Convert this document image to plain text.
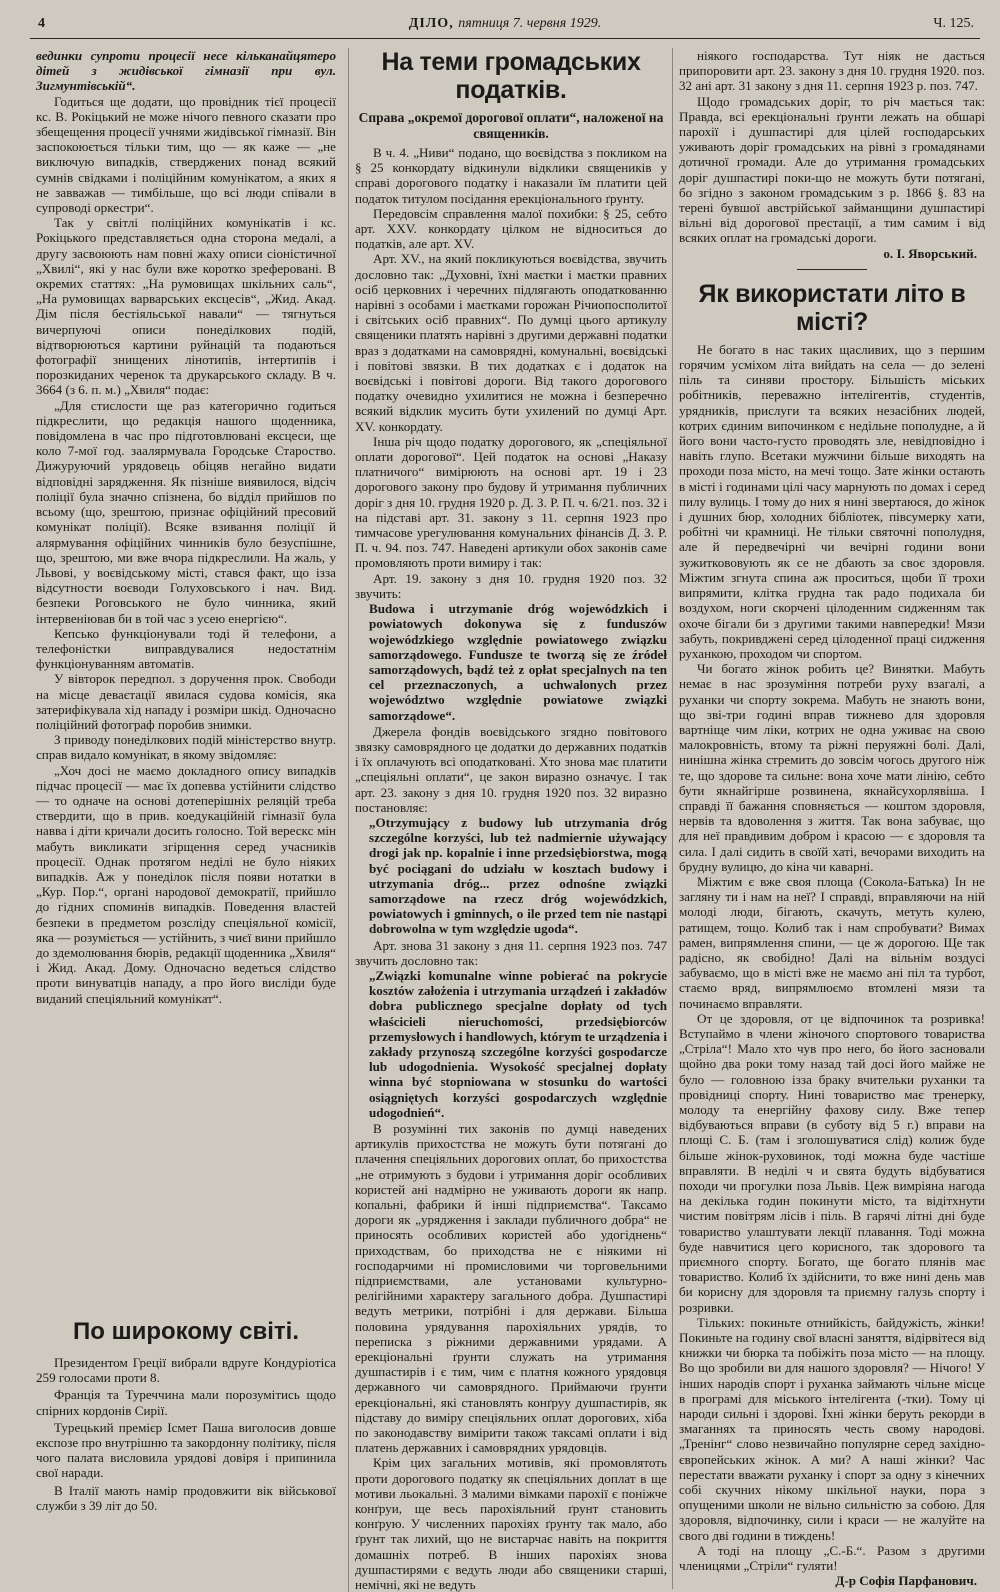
4	ДІЛО, пятниця 7. червня 1929.	Ч. 125.

вединки супроти процесії несе кільканайцятеро дітей з жидівської гімназії при вул. Зигмунтівській“.

Годиться ще додати, що провідник тієї процесії кс. В. Рокіцький не може нічого певного сказати про збещещення процесії учнями жидівської гімназії. Він заспокоюється тільки тим, що — як каже — „не виключую випадків, стверджених понад всякий сумнів свідками і поліційним комунікатом, а яких я не завважав — тимбільше, що всі люди співали в супроводі оркестри“.

Так у світлі поліційних комунікатів і кс. Рокіцького представляється одна сторона медалі, а другу засвоюють нам повні жаху описи сіоністичної „Хвилі“, які у нас були вже коротко зреферовані. В окремих статтях: „На румовищах шкільних саль“, „На румовищах варварських ексцесів“, „Жид. Акад. Дім після бестіяльської навали“ — тягнуться вичерпуючі описи понеділкових подій, відтворюються картини руйнацій та подаються фотографії знищених лінотипів, інтертипів і порозкиданих черенок та друкарського складу. В ч. 3664 (з 6. п. м.) „Хвиля“ подає:

„Для стислости ще раз категорично годиться підкреслити, що редакція нашого щоденника, повідомлена в час про підготовлювані ексцеси, ще коло 7-мої год. заалярмувала Городське Староство. Дижуруючий урядовець обіцяв негайно видати відповідні зарядження. Як пізніше виявилося, відсіч поліції була значно спізнена, бо відділ прийшов по всьому (що, зрештою, признає офіційний пресовий комунікат поліції). Всяке взивання поліції й алярмування офіційних чинників було безуспішне, що, зрештою, ми вже вчора підкреслили. На жаль, у Львові, у воєвідському місті, стався факт, що ізза відсутности воєводи Голуховського і нач. Вид. безпеки Роговського не було чинника, який інтервеніював би в той час з усею енергією“.

Кепсько функціонували тоді й телефони, а телефоністки виправдувалися недостатнім функціонуванням автоматів.

У вівторок передпол. з доручення прок. Свободи на місце деваєтації явилася судова комісія, яка затерифікувала хід нападу і розміри шкід. Одночасно поліційний фотограф поробив знимки.

З приводу понеділкових подій міністерство внутр. справ видало комунікат, в якому звідомляє:

„Хоч досі не маємо докладного опису випадків підчас процесії — має їх допевва устійнити слідство — то одначе на основі дотеперішніх реляцій треба ствердити, що в прив. коедукаційній гімназії була навва і діти кричали досить голосно. Той верескс мін мабуть викликати згірщення серед учасників процесії. Однак протягом неділі не було ніяких випадків. Аж у понеділок після появи нотатки в „Кур. Пор.“, органі народової демократії, прийшло до гідних споминів випадків. Поведення властей безпеки в предметом розсліду спеціяльної комісії, яка — розуміється — устійнить, з чиєї вини прийшло до здемолювання бюрів, редакції щоденника „Хвиля“ і Жид. Акад. Дому. Одночасно ведеться слідство проти винуватців нападу, а про його висліди буде виданий спеціяльний комунікат“.

По широкому світі.

Президентом Греції вибрали вдруге Кондуріотіса 259 голосами проти 8.

Франція та Туреччина мали порозумітись щодо спірних кордонів Сирії.

Турецький премієр Ісмет Паша виголосив довше експозе про внутрішню та закордонну політику, після чого палата висловила урядові довіря і припинила свої наради.

В Італії мають намір продовжити вік військової служби з 39 літ до 50.

На теми громадських податків.
Справа „окремої дорогової оплати“, наложеної на священиків.

В ч. 4. „Ниви“ подано, що воєвідства з покликом на § 25 конкордату відкинули відклики священиків у справі дорогового податку і наказали їм платити цей податок титулом посідання ерекціонального ґрунту.

Передовсім справлення малої похибки: § 25, себто арт. XXV. конкордату цілком не відноситься до податків, але арт. XV.

Арт. XV., на який покликуються воєвідства, звучить дословно так: „Духовні, їхні маєтки і маєтки правних осіб церковних і черечних підлягають оподаткованню нарівні з особами і маєтками горожан Річиопосполитої і світських осіб правних“. По думці цього артикулу священики платять нарівні з другими державні податки враз з додатками на самоврядні, комунальні, воєвідські і повітові звязки. В тих додатках є і додаток на воєвідські і повітові дороги. Від такого дорогового податку очевидно ухилитися не можна і безперечно всякий відклик мусить бути ухилений по думці Арт. XV. конкордату.

Інша річ щодо податку дорогового, як „спеціяльної оплати дорогової“. Цей податок на основі „Наказу платничого“ вимірюють на основі арт. 19 і 23 дорогового закону про будову й утримання публичних доріг з дня 10. грудня 1920 р. Д. З. Р. П. ч. 6/21. поз. 32 і на підставі арт. 31. закону з 11. серпня 1923 про тимчасове урегулювання комунальних фінансів Д. З. Р. П. ч. 94. поз. 747. Наведені артикули обох законів саме промовляють проти вимиру і так:

Арт. 19. закону з дня 10. грудня 1920 поз. 32 звучить:

Budowa i utrzymanie dróg wojewódzkich i powiatowych dokonywa się z funduszów wojewódzkiego względnie powiatowego związku samorządowego. Fundusze te tworzą się ze źródeł samorządowych, bądź też z opłat specjalnych na ten cel przeznaczonych, a uchwalonych przez województwo względnie powiatowe związki samorządowe“.

Джерела фондів воєвідського згядно повітового звязку самоврядного це додатки до державних податків і їх оплачують всі оподатковані. Хто знова має платити „спеціяльні оплати“, це закон виразно означує. І так арт. 23. закону з дня 10. грудня 1920 поз. 32 виразно постановляє:

„Otrzymujący z budowy lub utrzymania dróg szczególne korzyści, lub też nadmiernie używający drogi jak np. kopalnie i inne przedsiębiorstwa, mogą być pociągani do udziału w kosztach budowy i utrzymania dróg... przez odnośne związki samorządowe na rzecz dróg wojewódzkich, powiatowych i gminnych, o ile przed tem nie nastąpi dobrowolna w tym względzie ugoda“.

Арт. знова 31 закону з дня 11. серпня 1923 поз. 747 звучить дословно так:

„Związki komunalne winne pobierać na pokrycie kosztów założenia i utrzymania urządzeń i zakładów dobra publicznego specjalne dopłaty od tych właścicieli nieruchomości, przedsiębiorców przemysłowych i handlowych, którym te urządzenia i zakłady przynoszą szczególne korzyści gospodarcze lub udogodnienia. Wysokość specjalnej dopłaty winna być stopniowana w stosunku do wartości osiągniętych korzyści gospodarczych względnie udogodnień“.

В розумінні тих законів по думці наведених артикулів прихостства не можуть бути потягані до плачення спеціяльних дорогових оплат, бо прихостства „не отримують з будови і утримання доріг особливих користей ані надмірно не уживають дороги як напр. копальні, фабрики й інші підприємства“. Таксамо дороги як „урядження і заклади публичного добра“ не приносять особливих користей або удогіднень“ приходствам, бо приходства не є ніякими ні господарчими ні промисловими чи торговельними підприємствами, але установами культурно-релігійними характеру загального добра. Душпастирі ведуть метрики, потрібні і для держави. Більша половина урядування парохіяльних урядів, то переписка з ріжними державними урядами. А ерекціональні ґрунти служать на утримання душпастирів і є тим, чим є платня кожного урядовця державного чи самоврядного. Приймаючи ґрунти ерекціональні, які становлять конґруу душпастирів, як підставу до виміру спеціяльних оплат дорогових, хіба по законодавству вимірити також таксамі оплати і від платень державних і самоврядних урядовців.

Крім цих загальних мотивів, які промовлятоть проти дорогового податку як спеціяльних доплат в ще мотиви льокальні. З малими вімками парохії є поніжче конґруи, ще весь парохіяльний ґрунт становить конґрую. У численних парохіях ґрунту так мало, або ґрунт так лихий, що не вистарчає навіть на покриття домашніх потреб. В інших парохіях знова душпастирями є ведуть люди або священики старші, немічні, які не ведуть

ніякого господарства. Тут ніяк не дасться припоровити арт. 23. закону з дня 10. грудня 1920. поз. 32 ані арт. 31 закону з дня 11. серпня 1923 р. поз. 747.

Щодо громадських доріг, то річ мається так: Правда, всі ерекціональні ґрунти лежать на обшарі парохії і душпастирі для цілей господарських уживають доріг громадських на рівні з громадянами дотичної громади. Але до утримання громадських доріг душпастирі поки-що не можуть бути потягані, бо згідно з законом громадським з р. 1866 §. 83 на терені бувшої австрійської займанщини душпастирі вільні від дорогової престації, а тим самим і від всяких оплат на громадські дороги.

о. І. Яворський.

Як використати літо в місті?

Не богато в нас таких щасливих, що з першим горячим усміхом літа вийдать на села — до зелені піль та синяви простору. Більшість міських робітників, переважно інтелігентів, студентів, урядників, прислуги та всяких незасібних людей, котрих єдиним випочинком є недільне пополудне, а й його вони часто-густо проводять зле, невідповідно і навіть глупо. Всетаки мужчини більше виходять на проходи поза місто, на мечі тощо. Зате жінки остають в місті і годинами цілі часу марнують по домах і серед пилу вулиць. І тому до них я нині звертаюся, до жінок і душних бюр, холодних бібліотек, півсумерку хати, робітні чи крамниці. Не тільки святочні пополудня, але й передвечірні чи вечірні години вони зужиткововують як се не дбають за своє здоровля. Міжтим згнута спина аж проситься, щоби її трохи випрямити, клітка грудна так радо подихала би воздухом, ноги скорчені цілоденним сидженням так охоче бігали би з другими такими навпередки! Мязи забуть, покривджені серед цілоденної праці сидження руханкою, проходом чи спортом.

Чи богато жінок робить це? Винятки. Мабуть немає в нас зрозуміння потреби руху взагалі, а руханки чи спорту зокрема. Мабуть не знають вони, що зві-три годині вправ тижнево для здоровля вартніще чим ліки, котрих не одна уживає на свою малокровність, втому та ріжні перуяжні болі. Далі, нинішна жінка стремить до зовсім чогось другого ніж те, що здорове та сильне: вона хоче мати лінію, себто бути якнайгірше розвинена, якнайсухорлявіша. І справді її бажання сповняється — коштом здоровля, нервів та вдоволення з життя. Так вона забуває, що для неї правдивим добром і красою — є здоровля та сила. І далі сидить в своїй хаті, вечорами виходить на брудну вулицю, до кіна чи каварні.

Міжтим є вже своя площа (Сокола-Батька) Ін не загляну ти і нам на неї? І справді, вправляючи на ній молоді люди, бігають, скачуть, метуть кулею, ратищем, тощо. Колиб так і нам спробувати? Вимах рамен, випрямлення спини, — це ж дорогою. Ще так радісно, як свобідно! Далі на вільнім воздусі забуваємо, що в місті вже не маємо ані піл та турбот, стаємо вряд, випрямлюємо втомлені мязи та починаємо вправляти.

От це здоровля, от це відпочинок та розривка! Вступаймо в члени жіночого спортового товариства „Стріла“! Мало хто чув про него, бо його засновали щойно два роки тому назад тай досі його майже не було — головною ізза браку вчительки руханки та провідниці спорту. Нині товариство має тренерку, молоду та енергійну фахову силу. Вже тепер відбуваються вправи (в суботу від 5 г.) вправи на площі С. Б. (там і зголошуватися слід) колиж буде більше жінок-руховинок, тоді можна буде частіше вправляти. В неділі ч и свята будуть відбуватися походи чи прогулки поза Львів. Цеж вимріяна нагода на декілька годин покинути місто, та відітхнути чистим повітрям лісів і піль. В гарячі літні дні буде товариство улаштувати лекції плавання. Тоді можна буде навчитися цего корисного, так здорового та приємного спорту. Богато, ще богато плянів має товариство. Колиб їх здійснити, то вже нині день мав би корисну для здоровля та приємну галузь спорту і розривки.

Тільких: покиньте отнийкість, байдужість, жінки! Покиньте на годину свої власні заняття, відірвітеся від книжки чи бюрка та побіжіть поза місто — на площу. Во що зробили ви для нашого здоровля? — Нічого! У інших народів спорт і руханка займають чільне місце в програмі для міського інтелігента (-тки). Тому ці народи сильні і здорові. Їхні жінки беруть рекорди в змаганнях та приносять честь свому народові. „Тренінг“ слово незвичайно популярне серед західно-європейських жінок. А ми? А наші жінки? Час перестати вважати руханку і спорт за одну з кінечних собі скучних нікому шкільної науки, пора з опущеними школи не вільно сильністю за собою. Для здоровля, відпочинку, сили і краси — не жалуйте на свого дві години в тиждень!

А тоді на площу „С.-Б.“. Разом з другими членицями „Стріли“ гуляти!

Д-р Софія Парфанович.
